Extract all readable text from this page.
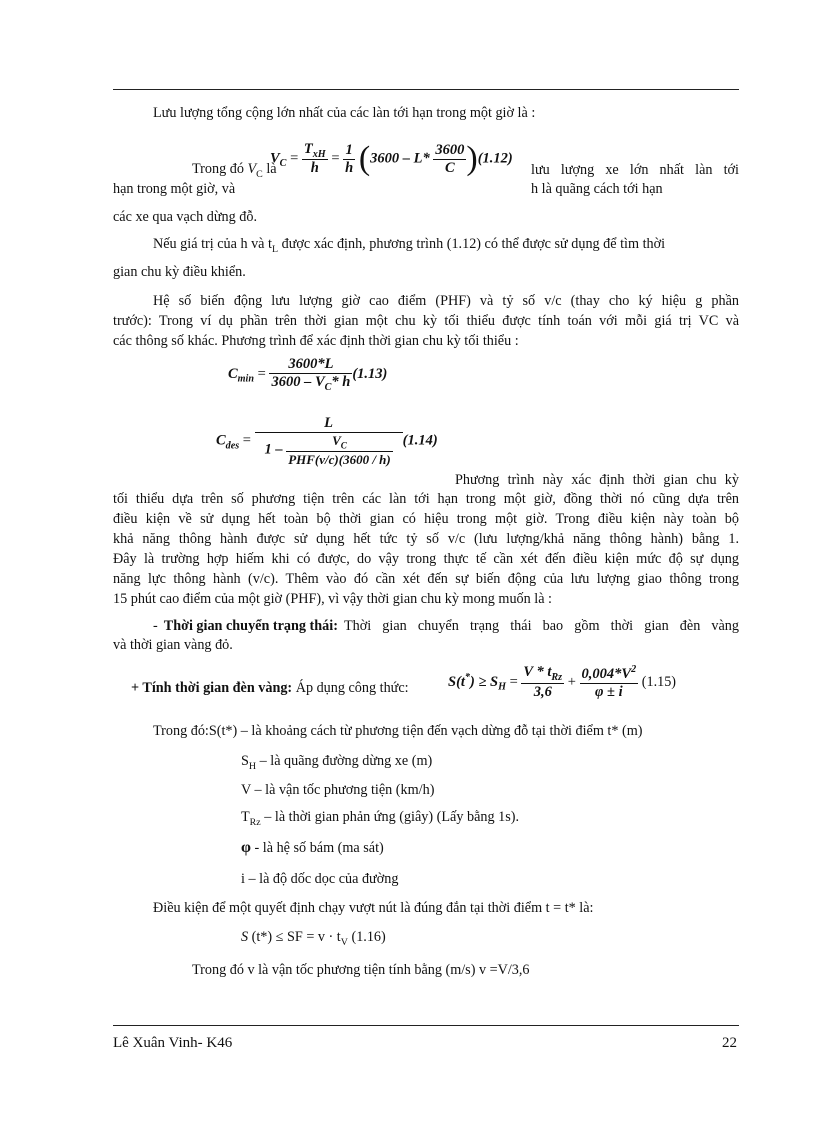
Lưu lượng tổng cộng lớn nhất của các làn tới hạn trong một giờ là :
Trong đó $V_C$ là
$V_C = \frac{T_{xH}}{h} = \frac{1}{h} (3600 - L* \frac{3600}{C} )(1.12)$
lưu lượng xe lớn nhất làn tới
hạn trong một giờ, và	h là quãng cách tới hạn
các xe qua vạch dừng đỗ.
Nếu giá trị của h và $t_L$ được xác định, phương trình (1.12) có thể được sử dụng để tìm thời
gian chu kỳ điều khiển.
Hệ số biến động lưu lượng giờ cao điểm (PHF) và tỷ số v/c (thay cho ký hiệu g phần
trước): Trong ví dụ phần trên thời gian một chu kỳ tối thiểu được tính toán với mỗi giá trị VC và
các thông số khác. Phương trình để xác định thời gian chu kỳ tối thiểu :
$C_{min} = \frac{3600*L}{3600 - V_C* h} (1.13)$
$C_{des} = \frac{L}{1 - \frac{V_C}{\text{PHF(v/c)(3600 / h)}}} (1.14)$
Phương trình này xác định thời gian chu kỳ
tối thiểu dựa trên số phương tiện trên các làn tới hạn trong một giờ, đồng thời nó cũng dựa trên
điều kiện về sử dụng hết toàn bộ thời gian có hiệu trong một giờ. Trong điều kiện này toàn bộ
khả năng thông hành được sử dụng hết tức tỷ số v/c (lưu lượng/khả năng thông hành) bằng 1.
Đây là trường hợp hiếm khi có được, do vậy trong thực tế cần xét đến điều kiện mức độ sự dụng
năng lực thông hành (v/c). Thêm vào đó cần xét đến sự biến động của lưu lượng giao thông trong
15 phút cao điểm của một giờ (PHF), vì vậy thời gian chu kỳ mong muốn là :
- Thời gian chuyển trạng thái: Thời gian chuyển trạng thái bao gồm thời gian đèn vàng
và thời gian vàng đỏ.
+ Tính thời gian đèn vàng: Áp dụng công thức:	$S(t^*) \ge S_H = \frac{V * t_{Rz}}{3,6} + \frac{0,004*V^2}{\varphi \pm i} (1.15)$
Trong đó:S(t*) – là khoảng cách từ phương tiện đến vạch dừng đỗ tại thời điểm t* (m)
$S_H$ – là quãng đường dừng xe (m)
V – là vận tốc phương tiện (km/h)
$T_{Rz}$ – là thời gian phản ứng (giây) (Lấy bằng 1s).
φ - là hệ số bám (ma sát)
i – là độ dốc dọc của đường
Điều kiện để một quyết định chạy vượt nút là đúng đắn tại thời điểm t = t* là:
S (t*) ≤ SF = $v \cdot t_V$ (1.16)
Trong đó v là vận tốc phương tiện tính bằng (m/s) v =V/3,6
Lê Xuân Vinh- K46	22
